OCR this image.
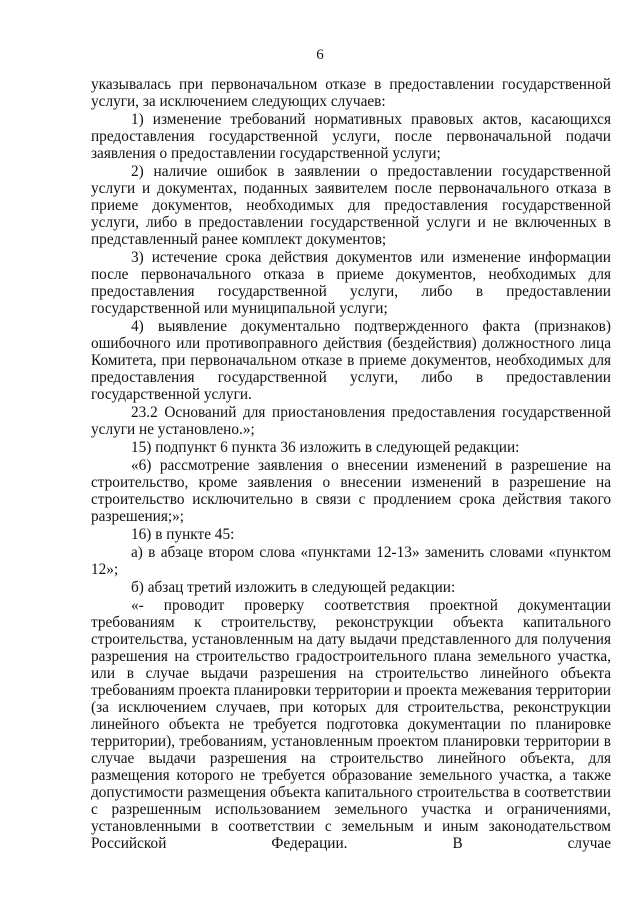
6

указывалась при первоначальном отказе в предоставлении государственной услуги, за исключением следующих случаев:

1) изменение требований нормативных правовых актов, касающихся предоставления государственной услуги, после первоначальной подачи заявления о предоставлении государственной услуги;

2) наличие ошибок в заявлении о предоставлении государственной услуги и документах, поданных заявителем после первоначального отказа в приеме документов, необходимых для предоставления государственной услуги, либо в предоставлении государственной услуги и не включенных в представленный ранее комплект документов;

3) истечение срока действия документов или изменение информации после первоначального отказа в приеме документов, необходимых для предоставления государственной услуги, либо в предоставлении государственной или муниципальной услуги;

4) выявление документально подтвержденного факта (признаков) ошибочного или противоправного действия (бездействия) должностного лица Комитета, при первоначальном отказе в приеме документов, необходимых для предоставления государственной услуги, либо в предоставлении государственной услуги.

23.2 Оснований для приостановления предоставления государственной услуги не установлено.»;

15) подпункт 6 пункта 36 изложить в следующей редакции:

«6) рассмотрение заявления о внесении изменений в разрешение на строительство, кроме заявления о внесении изменений в разрешение на строительство исключительно в связи с продлением срока действия такого разрешения;»;

16) в пункте 45:

а) в абзаце втором слова «пунктами 12-13» заменить словами «пунктом 12»;

б) абзац третий изложить в следующей редакции:

«- проводит проверку соответствия проектной документации требованиям к строительству, реконструкции объекта капитального строительства, установленным на дату выдачи представленного для получения разрешения на строительство градостроительного плана земельного участка, или в случае выдачи разрешения на строительство линейного объекта требованиям проекта планировки территории и проекта межевания территории (за исключением случаев, при которых для строительства, реконструкции линейного объекта не требуется подготовка документации по планировке территории), требованиям, установленным проектом планировки территории в случае выдачи разрешения на строительство линейного объекта, для размещения которого не требуется образование земельного участка, а также допустимости размещения объекта капитального строительства в соответствии с разрешенным использованием земельного участка и ограничениями, установленными в соответствии с земельным и иным законодательством Российской Федерации. В случае
